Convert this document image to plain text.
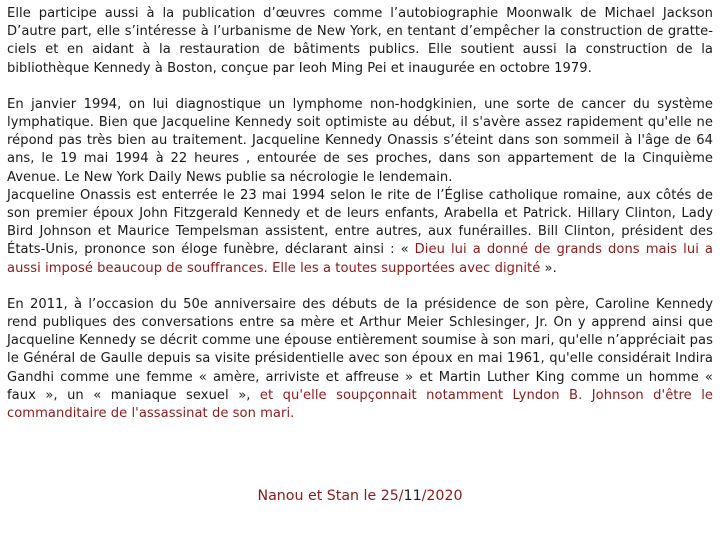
Elle participe aussi à la publication d’œuvres comme l’autobiographie Moonwalk de Michael Jackson D’autre part, elle s’intéresse à l’urbanisme de New York, en tentant d’empêcher la construction de gratte-ciels et en aidant à la restauration de bâtiments publics. Elle soutient aussi la construction de la bibliothèque Kennedy à Boston, conçue par Ieoh Ming Pei et inaugurée en octobre 1979.

En janvier 1994, on lui diagnostique un lymphome non-hodgkinien, une sorte de cancer du système lymphatique. Bien que Jacqueline Kennedy soit optimiste au début, il s'avère assez rapidement qu'elle ne répond pas très bien au traitement. Jacqueline Kennedy Onassis s’éteint dans son sommeil à l'âge de 64 ans, le 19 mai 1994 à 22 heures , entourée de ses proches, dans son appartement de la Cinquième Avenue. Le New York Daily News publie sa nécrologie le lendemain.

Jacqueline Onassis est enterrée le 23 mai 1994 selon le rite de l’Église catholique romaine, aux côtés de son premier époux John Fitzgerald Kennedy et de leurs enfants, Arabella et Patrick. Hillary Clinton, Lady Bird Johnson et Maurice Tempelsman assistent, entre autres, aux funérailles. Bill Clinton, président des États-Unis, prononce son éloge funèbre, déclarant ainsi : « Dieu lui a donné de grands dons mais lui a aussi imposé beaucoup de souffrances. Elle les a toutes supportées avec dignité ».

En 2011, à l’occasion du 50e anniversaire des débuts de la présidence de son père, Caroline Kennedy rend publiques des conversations entre sa mère et Arthur Meier Schlesinger, Jr. On y apprend ainsi que Jacqueline Kennedy se décrit comme une épouse entièrement soumise à son mari, qu'elle n’appréciait pas le Général de Gaulle depuis sa visite présidentielle avec son époux en mai 1961, qu'elle considérait Indira Gandhi comme une femme « amère, arriviste et affreuse » et Martin Luther King comme un homme « faux », un « maniaque sexuel », et qu'elle soupçonnait notamment Lyndon B. Johnson d'être le commanditaire de l'assassinat de son mari.

Nanou et Stan le 25/11/2020
